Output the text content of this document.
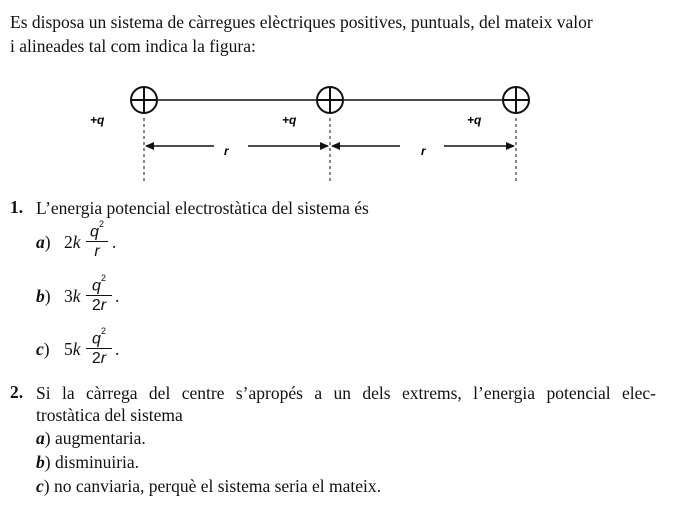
Es disposa un sistema de càrregues elèctriques positives, puntuals, del mateix valor
i alineades tal com indica la figura:
+q	+q	+q
r	r
1. L’energia potencial electrostàtica del sistema és
a) 2k
$q^2$
r .
b) 3k
$q^2$
2r .
c) 5k
$q^2$
2r .
2. Si la càrrega del centre s’apropés a un dels extrems, l’energia potencial elec-
trostàtica del sistema
a) augmentaria.
b) disminuiria.
c) no canviaria, perquè el sistema seria el mateix.
